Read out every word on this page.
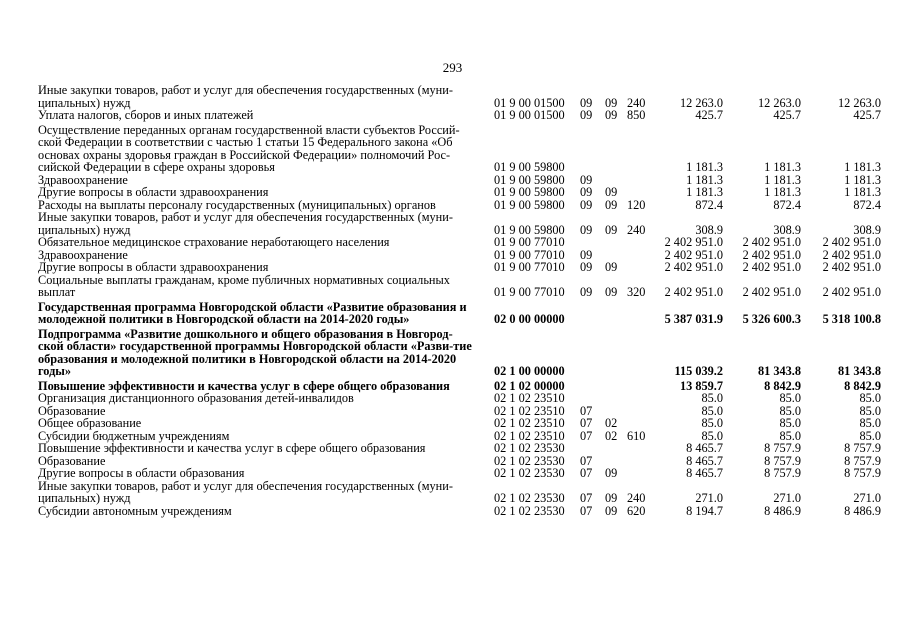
293
Иные закупки товаров, работ и услуг для обеспечения государственных (муни-ципальных) нужд	01 9 00 01500 09 09 240	12 263.0	12 263.0	12 263.0
Уплата налогов, сборов и иных платежей	01 9 00 01500 09 09 850	425.7	425.7	425.7
Осуществление переданных органам государственной власти субъектов Россий-ской Федерации в соответствии с частью 1 статьи 15 Федерального закона «Об основах охраны здоровья граждан в Российской Федерации» полномочий Рос-сийской Федерации в сфере охраны здоровья	01 9 00 59800	1 181.3	1 181.3	1 181.3
Здравоохранение	01 9 00 59800 09	1 181.3	1 181.3	1 181.3
Другие вопросы в области здравоохранения	01 9 00 59800 09 09	1 181.3	1 181.3	1 181.3
Расходы на выплаты персоналу государственных (муниципальных) органов	01 9 00 59800 09 09 120	872.4	872.4	872.4
Иные закупки товаров, работ и услуг для обеспечения государственных (муни-ципальных) нужд	01 9 00 59800 09 09 240	308.9	308.9	308.9
Обязательное медицинское страхование неработающего населения	01 9 00 77010	2 402 951.0	2 402 951.0	2 402 951.0
Здравоохранение	01 9 00 77010 09	2 402 951.0	2 402 951.0	2 402 951.0
Другие вопросы в области здравоохранения	01 9 00 77010 09 09	2 402 951.0	2 402 951.0	2 402 951.0
Социальные выплаты гражданам, кроме публичных нормативных социальных выплат	01 9 00 77010 09 09 320	2 402 951.0	2 402 951.0	2 402 951.0
Государственная программа Новгородской области «Развитие образования и молодежной политики в Новгородской области на 2014-2020 годы»	02 0 00 00000	5 387 031.9	5 326 600.3	5 318 100.8
Подпрограмма «Развитие дошкольного и общего образования в Новгород-ской области» государственной программы Новгородской области «Разви-тие образования и молодежной политики в Новгородской области на 2014-2020 годы»	02 1 00 00000	115 039.2	81 343.8	81 343.8
Повышение эффективности и качества услуг в сфере общего образования	02 1 02 00000	13 859.7	8 842.9	8 842.9
Организация дистанционного образования детей-инвалидов	02 1 02 23510	85.0	85.0	85.0
Образование	02 1 02 23510 07	85.0	85.0	85.0
Общее образование	02 1 02 23510 07 02	85.0	85.0	85.0
Субсидии бюджетным учреждениям	02 1 02 23510 07 02 610	85.0	85.0	85.0
Повышение эффективности и качества услуг в сфере общего образования	02 1 02 23530	8 465.7	8 757.9	8 757.9
Образование	02 1 02 23530 07	8 465.7	8 757.9	8 757.9
Другие вопросы в области образования	02 1 02 23530 07 09	8 465.7	8 757.9	8 757.9
Иные закупки товаров, работ и услуг для обеспечения государственных (муни-ципальных) нужд	02 1 02 23530 07 09 240	271.0	271.0	271.0
Субсидии автономным учреждениям	02 1 02 23530 07 09 620	8 194.7	8 486.9	8 486.9
